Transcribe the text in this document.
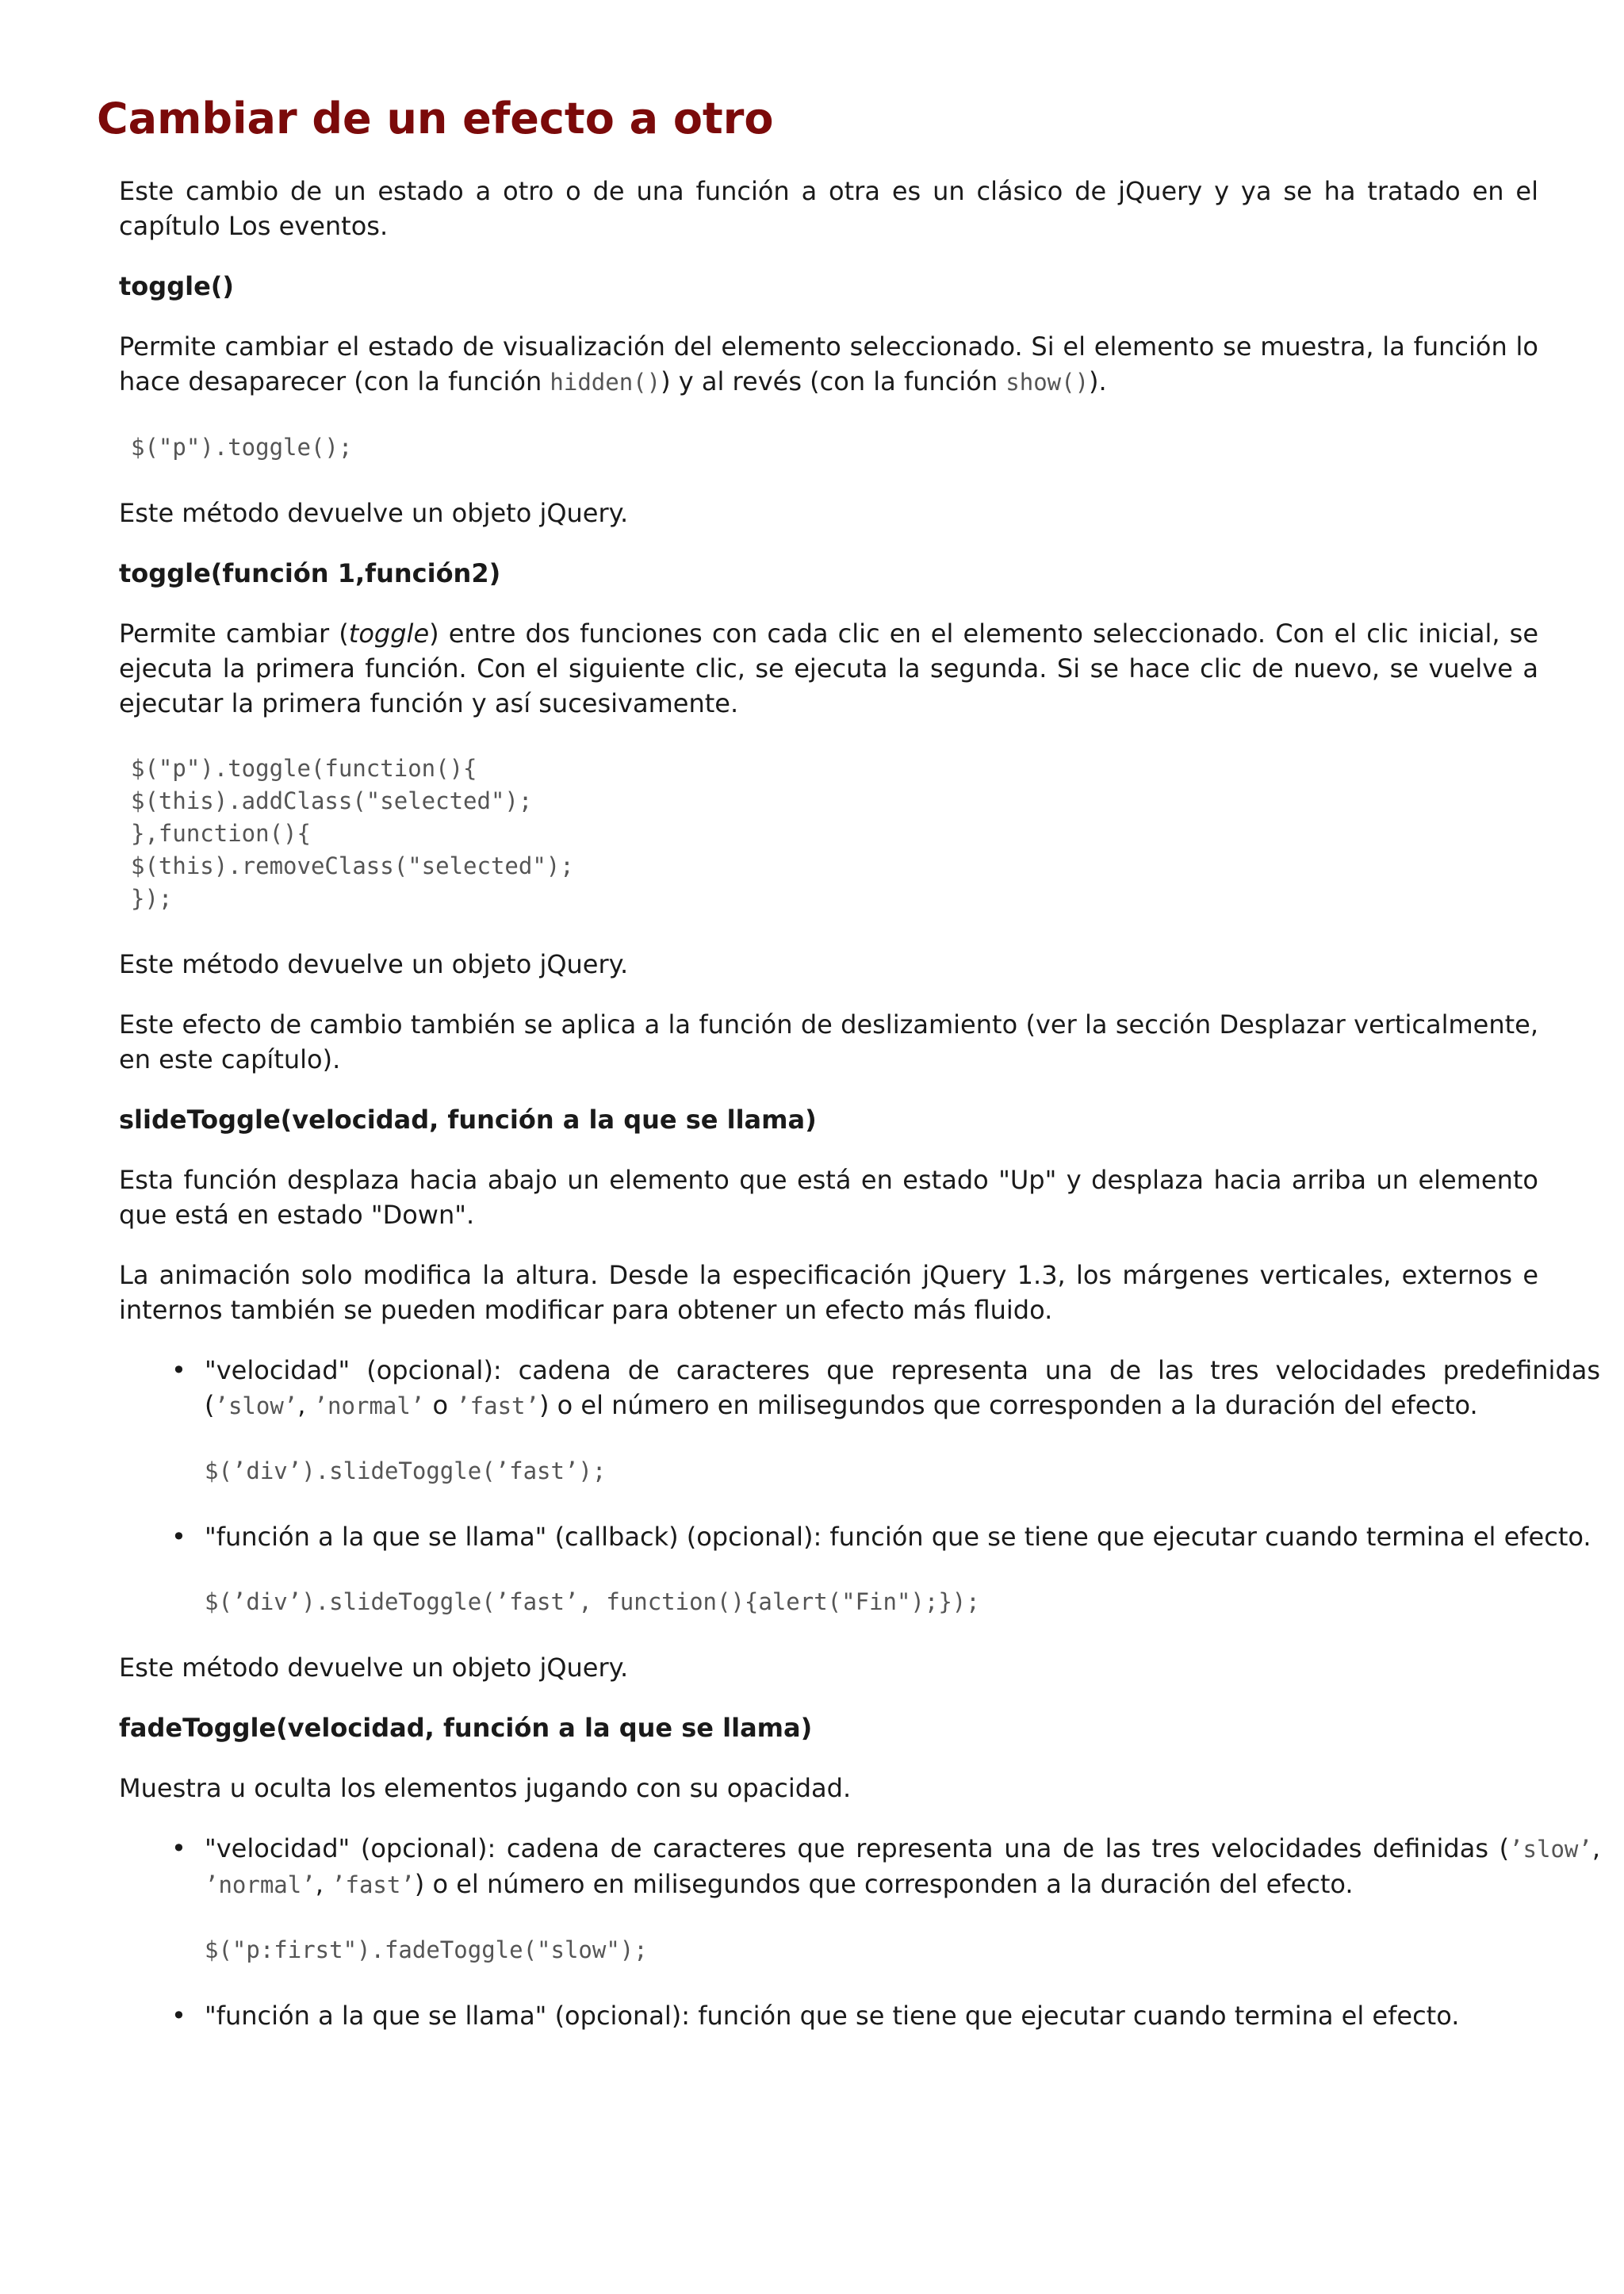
Cambiar de un efecto a otro

Este cambio de un estado a otro o de una función a otra es un clásico de jQuery y ya se ha tratado en el capítulo Los eventos.

toggle()

Permite cambiar el estado de visualización del elemento seleccionado. Si el elemento se muestra, la función lo hace desaparecer (con la función hidden()) y al revés (con la función show()).

$("p").toggle();

Este método devuelve un objeto jQuery.

toggle(función 1,función2)

Permite cambiar (toggle) entre dos funciones con cada clic en el elemento seleccionado. Con el clic inicial, se ejecuta la primera función. Con el siguiente clic, se ejecuta la segunda. Si se hace clic de nuevo, se vuelve a ejecutar la primera función y así sucesivamente.

$("p").toggle(function(){
$(this).addClass("selected");
},function(){
$(this).removeClass("selected");
});

Este método devuelve un objeto jQuery.

Este efecto de cambio también se aplica a la función de deslizamiento (ver la sección Desplazar verticalmente, en este capítulo).

slideToggle(velocidad, función a la que se llama)

Esta función desplaza hacia abajo un elemento que está en estado "Up" y desplaza hacia arriba un elemento que está en estado "Down".

La animación solo modifica la altura. Desde la especificación jQuery 1.3, los márgenes verticales, externos e internos también se pueden modificar para obtener un efecto más fluido.

• "velocidad" (opcional): cadena de caracteres que representa una de las tres velocidades predefinidas (’slow’, ’normal’ o ’fast’) o el número en milisegundos que corresponden a la duración del efecto.

$(’div’).slideToggle(’fast’);
• "función a la que se llama" (callback) (opcional): función que se tiene que ejecutar cuando termina el efecto.

$(’div’).slideToggle(’fast’, function(){alert("Fin");});

Este método devuelve un objeto jQuery.

fadeToggle(velocidad, función a la que se llama)

Muestra u oculta los elementos jugando con su opacidad.

• "velocidad" (opcional): cadena de caracteres que representa una de las tres velocidades definidas (’slow’, ’normal’, ’fast’) o el número en milisegundos que corresponden a la duración del efecto.

$("p:first").fadeToggle("slow");
• "función a la que se llama" (opcional): función que se tiene que ejecutar cuando termina el efecto.
